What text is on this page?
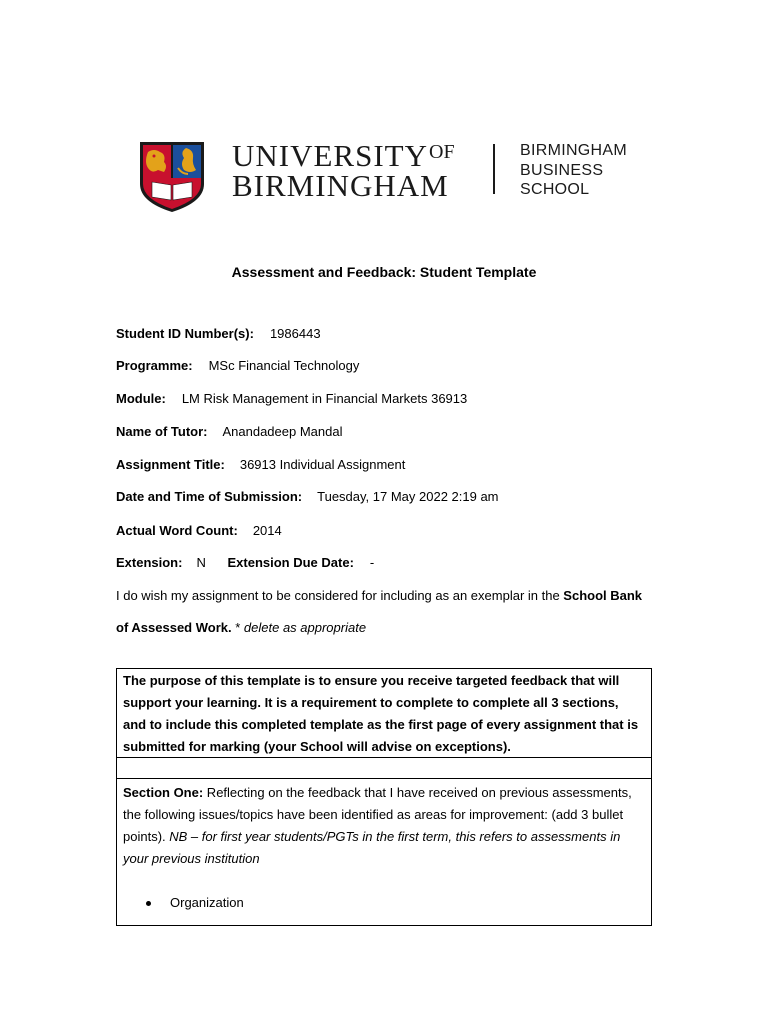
$UNIVERSITY^{OF}$
BIRMINGHAM
BIRMINGHAM
BUSINESS
SCHOOL
Assessment and Feedback: Student Template
Student ID Number(s): 1986443
Programme: MSc Financial Technology
Module: LM Risk Management in Financial Markets 36913
Name of Tutor: Anandadeep Mandal
Assignment Title: 36913 Individual Assignment
Date and Time of Submission: Tuesday, 17 May 2022 2:19 am
Actual Word Count: 2014
Extension: N Extension Due Date: -
I do wish my assignment to be considered for including as an exemplar in the School Bank of Assessed Work. * delete as appropriate
The purpose of this template is to ensure you receive targeted feedback that will support your learning. It is a requirement to complete to complete all 3 sections, and to include this completed template as the first page of every assignment that is submitted for marking (your School will advise on exceptions).
Section One: Reflecting on the feedback that I have received on previous assessments, the following issues/topics have been identified as areas for improvement: (add 3 bullet points). NB – for first year students/PGTs in the first term, this refers to assessments in your previous institution
Organization
